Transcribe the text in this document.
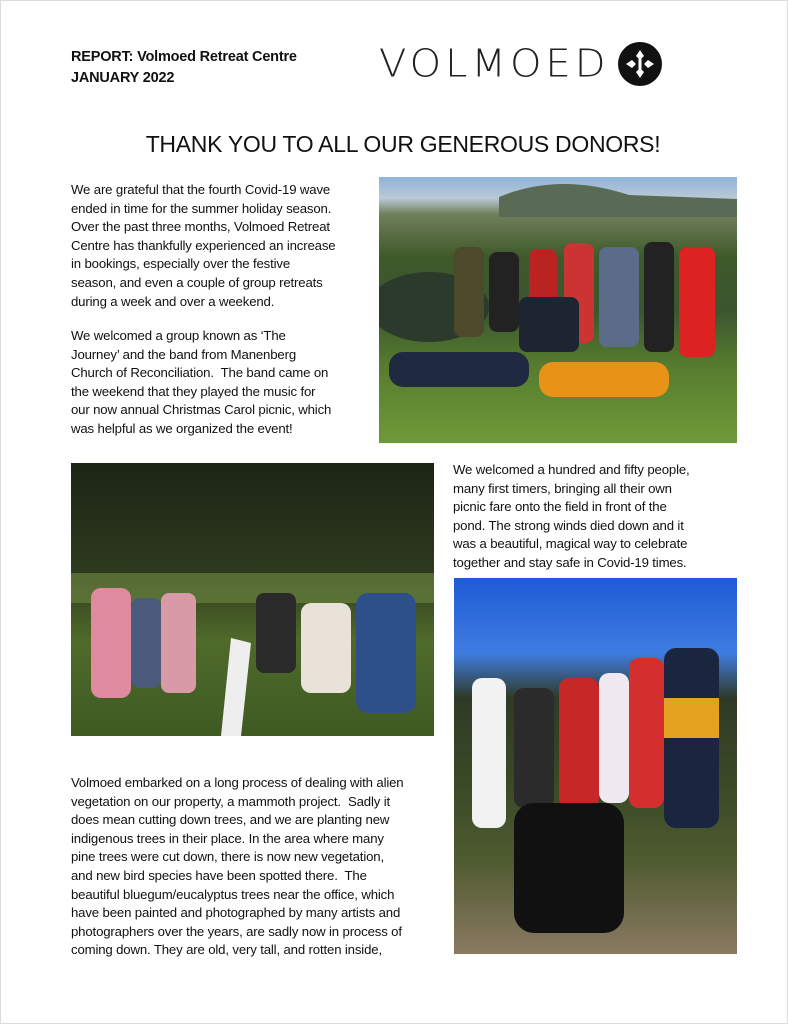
REPORT: Volmoed Retreat Centre
JANUARY 2022	VOLMOED
THANK YOU TO ALL OUR GENEROUS DONORS!
We are grateful that the fourth Covid-19 wave
ended in time for the summer holiday season.
Over the past three months, Volmoed Retreat
Centre has thankfully experienced an increase
in bookings, especially over the festive
season, and even a couple of group retreats
during a week and over a weekend.
We welcomed a group known as ‘The
Journey’ and the band from Manenberg
Church of Reconciliation.  The band came on
the weekend that they played the music for
our now annual Christmas Carol picnic, which
was helpful as we organized the event!
We welcomed a hundred and fifty people,
many first timers, bringing all their own
picnic fare onto the field in front of the
pond. The strong winds died down and it
was a beautiful, magical way to celebrate
together and stay safe in Covid-19 times.
Volmoed embarked on a long process of dealing with alien
vegetation on our property, a mammoth project.  Sadly it
does mean cutting down trees, and we are planting new
indigenous trees in their place. In the area where many
pine trees were cut down, there is now new vegetation,
and new bird species have been spotted there.  The
beautiful bluegum/eucalyptus trees near the office, which
have been painted and photographed by many artists and
photographers over the years, are sadly now in process of
coming down. They are old, very tall, and rotten inside,
